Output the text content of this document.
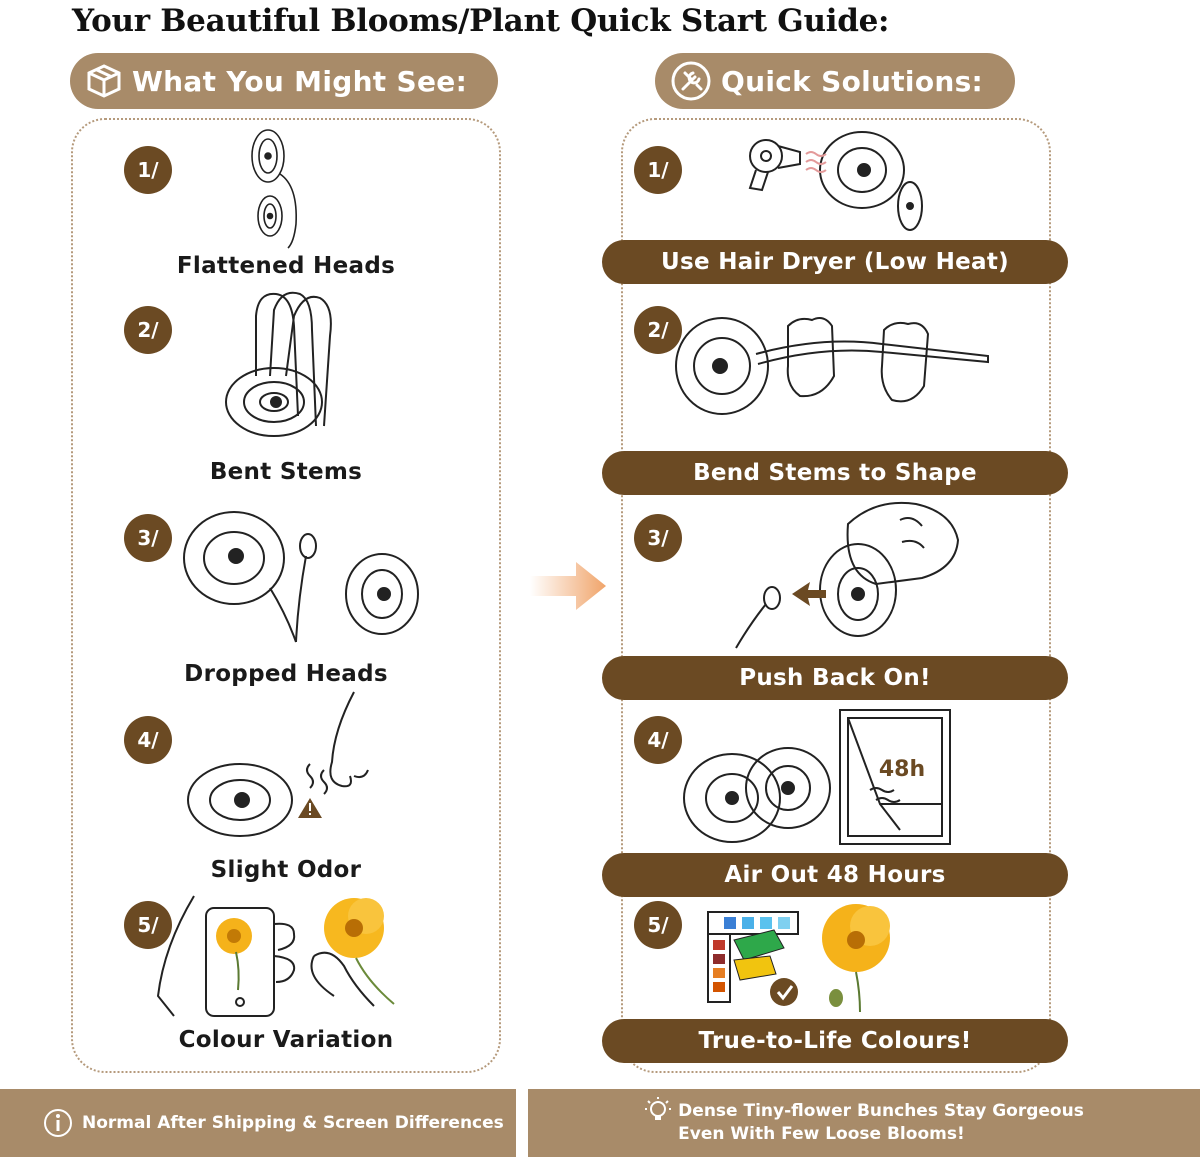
Your Beautiful Blooms/Plant Quick Start Guide:
What You Might See:	Quick Solutions:
1/
Flattened Heads
2/
Bent Stems
3/
Dropped Heads
4/
Slight Odor
5/
Colour Variation
1/
Use Hair Dryer (Low Heat)
2/
Bend Stems to Shape
3/
Push Back On!
4/
48h
Air Out 48 Hours
5/
True-to-Life Colours!
Normal After Shipping & Screen Differences
Dense Tiny-flower Bunches Stay Gorgeous
Even With Few Loose Blooms!
